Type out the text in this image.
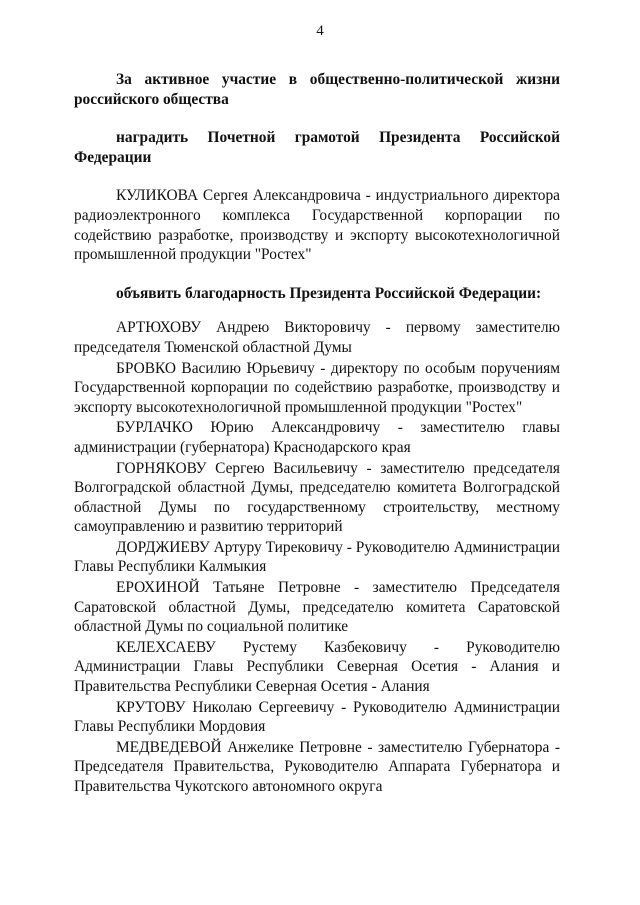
4

За активное участие в общественно-политической жизни российского общества

наградить Почетной грамотой Президента Российской Федерации

КУЛИКОВА Сергея Александровича - индустриального директора радиоэлектронного комплекса Государственной корпорации по содействию разработке, производству и экспорту высокотехнологичной промышленной продукции "Ростех"

объявить благодарность Президента Российской Федерации:

АРТЮХОВУ Андрею Викторовичу - первому заместителю председателя Тюменской областной Думы

БРОВКО Василию Юрьевичу - директору по особым поручениям Государственной корпорации по содействию разработке, производству и экспорту высокотехнологичной промышленной продукции "Ростех"

БУРЛАЧКО Юрию Александровичу - заместителю главы администрации (губернатора) Краснодарского края

ГОРНЯКОВУ Сергею Васильевичу - заместителю председателя Волгоградской областной Думы, председателю комитета Волгоградской областной Думы по государственному строительству, местному самоуправлению и развитию территорий

ДОРДЖИЕВУ Артуру Тирековичу - Руководителю Администрации Главы Республики Калмыкия

ЕРОХИНОЙ Татьяне Петровне - заместителю Председателя Саратовской областной Думы, председателю комитета Саратовской областной Думы по социальной политике

КЕЛЕХСАЕВУ Рустему Казбековичу - Руководителю Администрации Главы Республики Северная Осетия - Алания и Правительства Республики Северная Осетия - Алания

КРУТОВУ Николаю Сергеевичу - Руководителю Администрации Главы Республики Мордовия

МЕДВЕДЕВОЙ Анжелике Петровне - заместителю Губернатора - Председателя Правительства, Руководителю Аппарата Губернатора и Правительства Чукотского автономного округа
